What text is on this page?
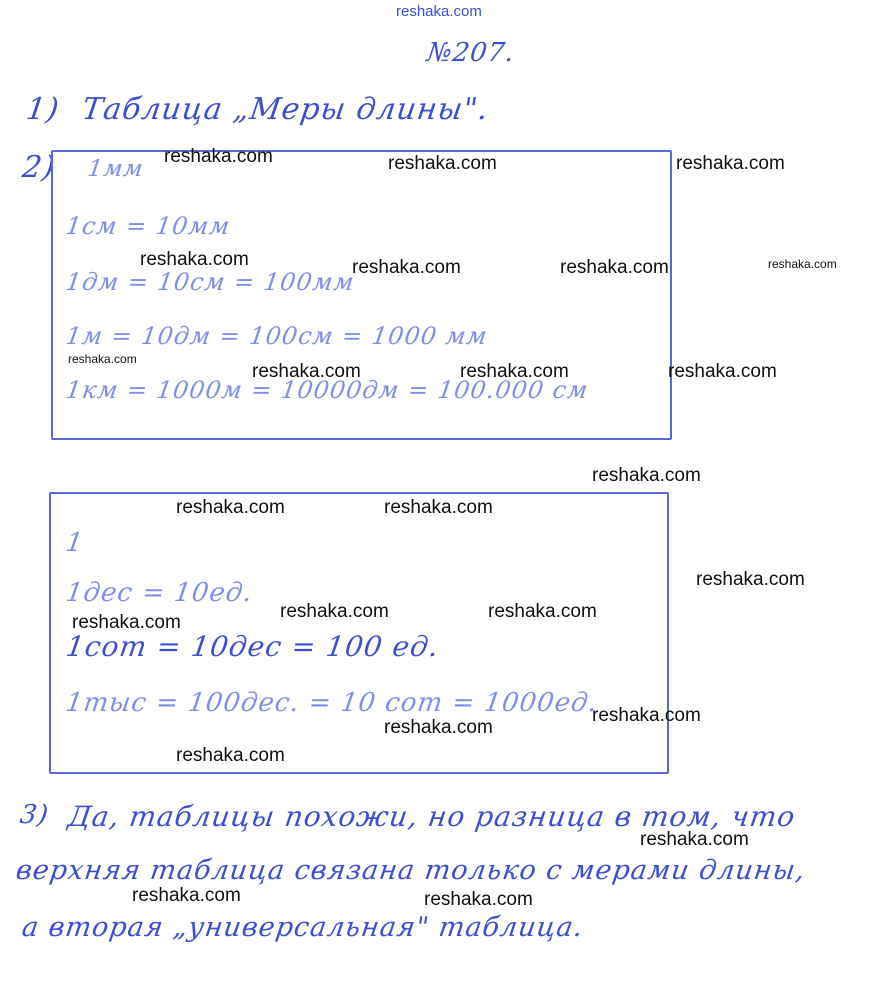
reshaka.com
№207.
1) Таблица „Меры длины".
2) 1мм
1см = 10мм
1дм = 10см = 100мм
1м = 10дм = 100см = 1000 мм
1км = 1000м = 10000дм = 100.000 см
1
1дес = 10ед.
1сот = 10дес = 100 ед.
1тыс = 100дес. = 10 сот = 1000ед.
3) Да, таблицы похожи, но разница в том, что
верхняя таблица связана только с мерами длины,
а вторая „универсальная" таблица.
reshaka.com	reshaka.com	reshaka.com
reshaka.com	reshaka.com	reshaka.com	reshaka.com
reshaka.com
reshaka.com	reshaka.com	reshaka.com
reshaka.com
reshaka.com	reshaka.com
reshaka.com
reshaka.com	reshaka.com
reshaka.com
reshaka.com
reshaka.com
reshaka.com
reshaka.com
reshaka.com	reshaka.com
